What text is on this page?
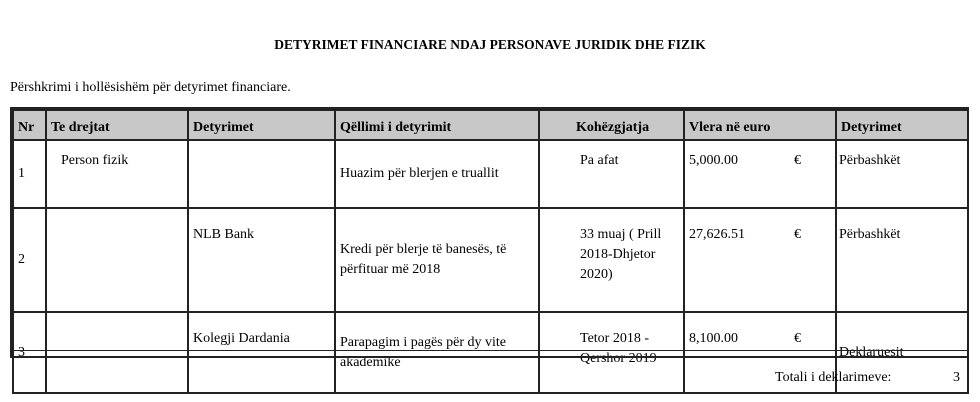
DETYRIMET FINANCIARE NDAJ PERSONAVE JURIDIK DHE FIZIK
Përshkrimi i hollësishëm për detyrimet financiare.
Nr	Te drejtat	Detyrimet	Qëllimi i detyrimit	Kohëzgjatja	Vlera në euro	Detyrimet
1	Person fizik		Huazim për blerjen e truallit	Pa afat	5,000.00 €	Përbashkët
2		NLB Bank	Kredi për blerje të banesës, të përfituar më 2018	33 muaj ( Prill 2018-Dhjetor 2020)	27,626.51 €	Përbashkët
3		Kolegji Dardania	Parapagim i pagës për dy vite akademike	Tetor 2018 - Qershor 2019	8,100.00 €	Deklaruesit
Totali i deklarimeve:	3
